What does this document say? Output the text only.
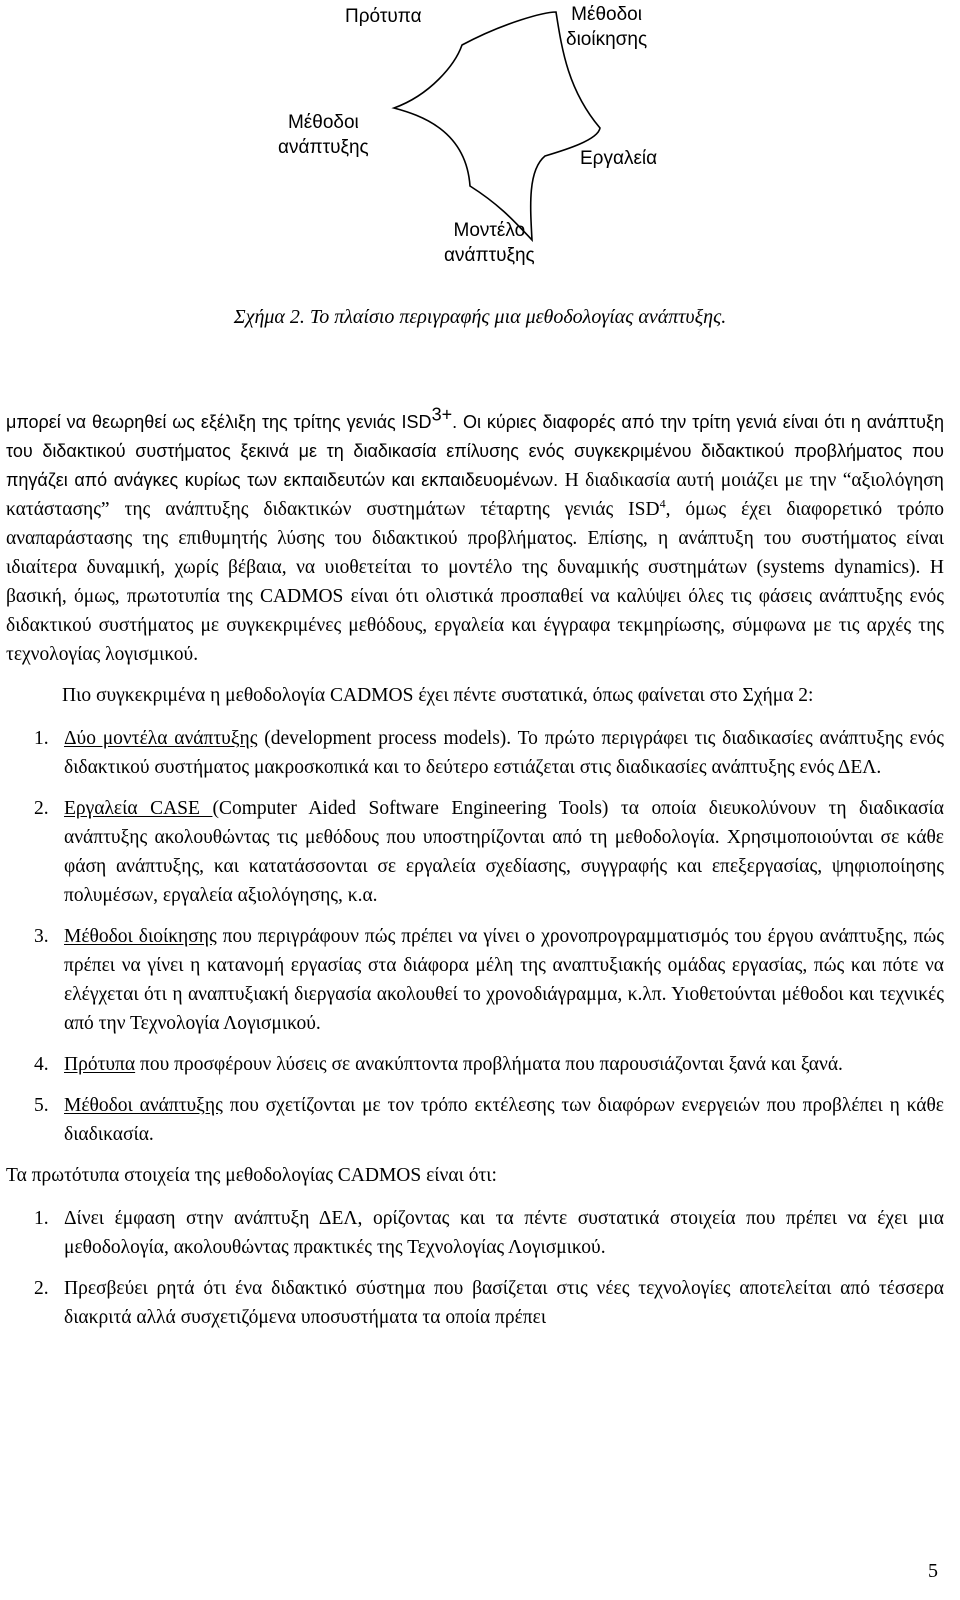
Πρότυπα	Μέθοδοι
διοίκησης
Μέθοδοι
ανάπτυξης
Εργαλεία
Μοντέλο
ανάπτυξης
Σχήμα 2. Το πλαίσιο περιγραφής μια μεθοδολογίας ανάπτυξης.

μπορεί να θεωρηθεί ως εξέλιξη της τρίτης γενιάς $ISD^{3+}$. Οι κύριες διαφορές από την τρίτη γενιά είναι ότι η ανάπτυξη του διδακτικού συστήματος ξεκινά με τη διαδικασία επίλυσης ενός συγκεκριμένου διδακτικού προβλήματος που πηγάζει από ανάγκες κυρίως των εκπαιδευτών και εκπαιδευομένων. Η διαδικασία αυτή μοιάζει με την “αξιολόγηση κατάστασης” της ανάπτυξης διδακτικών συστημάτων τέταρτης γενιάς ISD$^4$, όμως έχει διαφορετικό τρόπο αναπαράστασης της επιθυμητής λύσης του διδακτικού προβλήματος. Επίσης, η ανάπτυξη του συστήματος είναι ιδιαίτερα δυναμική, χωρίς βέβαια, να υιοθετείται το μοντέλο της δυναμικής συστημάτων (systems dynamics). Η βασική, όμως, πρωτοτυπία της CADMOS είναι ότι ολιστικά προσπαθεί να καλύψει όλες τις φάσεις ανάπτυξης ενός διδακτικού συστήματος με συγκεκριμένες μεθόδους, εργαλεία και έγγραφα τεκμηρίωσης, σύμφωνα με τις αρχές της τεχνολογίας λογισμικού.

Πιο συγκεκριμένα η μεθοδολογία CADMOS έχει πέντε συστατικά, όπως φαίνεται στο Σχήμα 2:

1. Δύο μοντέλα ανάπτυξης (development process models). Το πρώτο περιγράφει τις διαδικασίες ανάπτυξης ενός διδακτικού συστήματος μακροσκοπικά και το δεύτερο εστιάζεται στις διαδικασίες ανάπτυξης ενός ΔΕΛ.
2. Εργαλεία CASE (Computer Aided Software Engineering Tools) τα οποία διευκολύνουν τη διαδικασία ανάπτυξης ακολουθώντας τις μεθόδους που υποστηρίζονται από τη μεθοδολογία. Χρησιμοποιούνται σε κάθε φάση ανάπτυξης, και κατατάσσονται σε εργαλεία σχεδίασης, συγγραφής και επεξεργασίας, ψηφιοποίησης πολυμέσων, εργαλεία αξιολόγησης, κ.α.
3. Μέθοδοι διοίκησης που περιγράφουν πώς πρέπει να γίνει ο χρονοπρογραμματισμός του έργου ανάπτυξης, πώς πρέπει να γίνει η κατανομή εργασίας στα διάφορα μέλη της αναπτυξιακής ομάδας εργασίας, πώς και πότε να ελέγχεται ότι η αναπτυξιακή διεργασία ακολουθεί το χρονοδιάγραμμα, κ.λπ. Υιοθετούνται μέθοδοι και τεχνικές από την Τεχνολογία Λογισμικού.
4. Πρότυπα που προσφέρουν λύσεις σε ανακύπτοντα προβλήματα που παρουσιάζονται ξανά και ξανά.
5. Μέθοδοι ανάπτυξης που σχετίζονται με τον τρόπο εκτέλεσης των διαφόρων ενεργειών που προβλέπει η κάθε διαδικασία.

Τα πρωτότυπα στοιχεία της μεθοδολογίας CADMOS είναι ότι:

1. Δίνει έμφαση στην ανάπτυξη ΔΕΛ, ορίζοντας και τα πέντε συστατικά στοιχεία που πρέπει να έχει μια μεθοδολογία, ακολουθώντας πρακτικές της Τεχνολογίας Λογισμικού.
2. Πρεσβεύει ρητά ότι ένα διδακτικό σύστημα που βασίζεται στις νέες τεχνολογίες αποτελείται από τέσσερα διακριτά αλλά συσχετιζόμενα υποσυστήματα τα οποία πρέπει
5
